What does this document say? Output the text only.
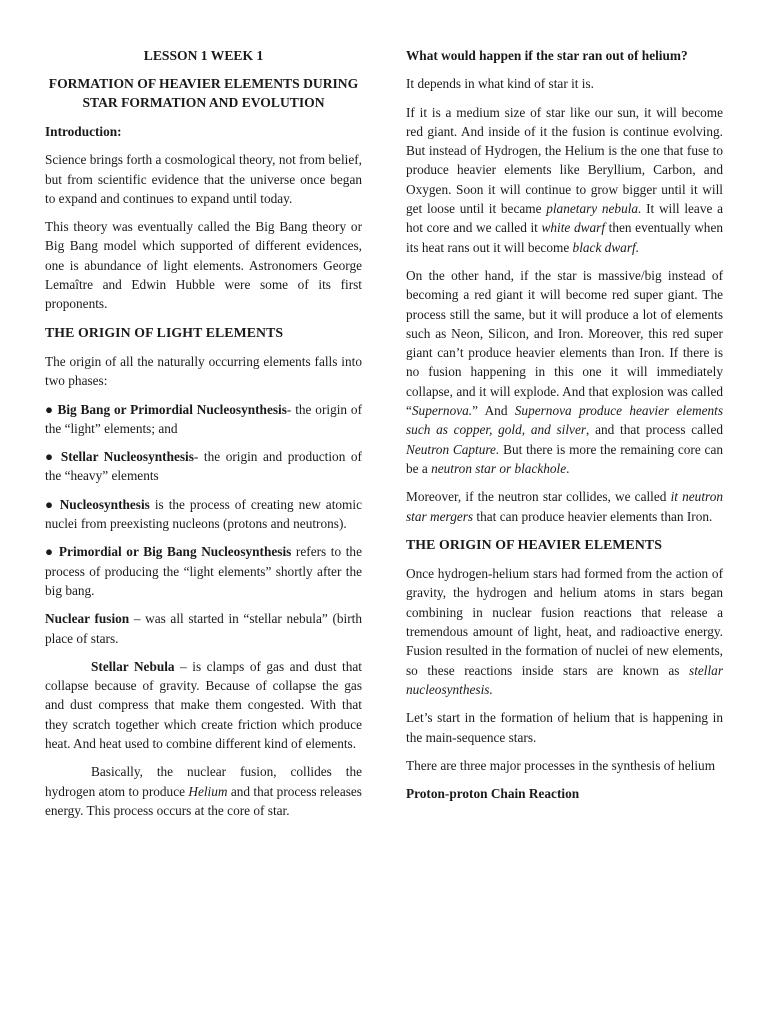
LESSON 1 WEEK 1

FORMATION OF HEAVIER ELEMENTS DURING STAR FORMATION AND EVOLUTION

Introduction:

Science brings forth a cosmological theory, not from belief, but from scientific evidence that the universe once began to expand and continues to expand until today.

This theory was eventually called the Big Bang theory or Big Bang model which supported of different evidences, one is abundance of light elements. Astronomers George Lemaître and Edwin Hubble were some of its first proponents.

THE ORIGIN OF LIGHT ELEMENTS

The origin of all the naturally occurring elements falls into two phases:

● Big Bang or Primordial Nucleosynthesis- the origin of the “light” elements; and

● Stellar Nucleosynthesis- the origin and production of the “heavy” elements

● Nucleosynthesis is the process of creating new atomic nuclei from preexisting nucleons (protons and neutrons).

● Primordial or Big Bang Nucleosynthesis refers to the process of producing the “light elements” shortly after the big bang.

Nuclear fusion – was all started in “stellar nebula” (birth place of stars.

Stellar Nebula – is clamps of gas and dust that collapse because of gravity. Because of collapse the gas and dust compress that make them congested. With that they scratch together which create friction which produce heat. And heat used to combine different kind of elements.

Basically, the nuclear fusion, collides the hydrogen atom to produce Helium and that process releases energy. This process occurs at the core of star.

What would happen if the star ran out of helium?

It depends in what kind of star it is.

If it is a medium size of star like our sun, it will become red giant. And inside of it the fusion is continue evolving. But instead of Hydrogen, the Helium is the one that fuse to produce heavier elements like Beryllium, Carbon, and Oxygen. Soon it will continue to grow bigger until it will get loose until it became planetary nebula. It will leave a hot core and we called it white dwarf then eventually when its heat rans out it will become black dwarf.

On the other hand, if the star is massive/big instead of becoming a red giant it will become red super giant. The process still the same, but it will produce a lot of elements such as Neon, Silicon, and Iron. Moreover, this red super giant can’t produce heavier elements than Iron. If there is no fusion happening in this one it will immediately collapse, and it will explode. And that explosion was called “Supernova.” And Supernova produce heavier elements such as copper, gold, and silver, and that process called Neutron Capture. But there is more the remaining core can be a neutron star or blackhole.

Moreover, if the neutron star collides, we called it neutron star mergers that can produce heavier elements than Iron.

THE ORIGIN OF HEAVIER ELEMENTS

Once hydrogen-helium stars had formed from the action of gravity, the hydrogen and helium atoms in stars began combining in nuclear fusion reactions that release a tremendous amount of light, heat, and radioactive energy. Fusion resulted in the formation of nuclei of new elements, so these reactions inside stars are known as stellar nucleosynthesis.

Let’s start in the formation of helium that is happening in the main-sequence stars.

There are three major processes in the synthesis of helium

Proton-proton Chain Reaction
